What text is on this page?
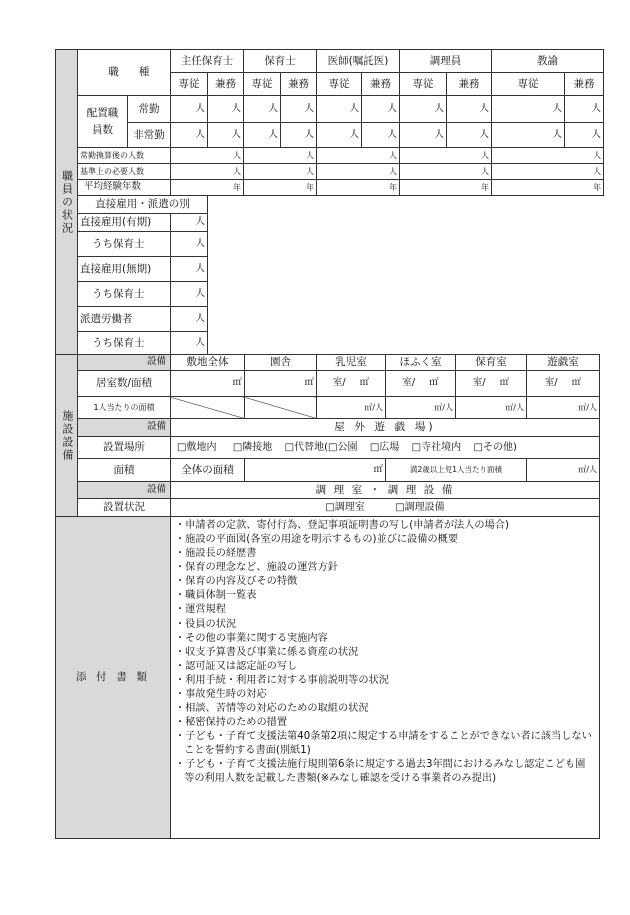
職員の状況	職 種		主任保育士		保育士		医師(嘱託医)		調理員		教諭	
			専従	兼務	専従	兼務	専従	兼務	専従	兼務	専従	兼務
	配置職員数	常勤	人	人	人	人	人	人	人	人	人	人
		非常勤	人	人	人	人	人	人	人	人	人	人
	常勤換算後の人数		人		人		人		人		人	
	基準上の必要人数		人		人		人		人		人	
	平均経験年数		年		年		年		年		年	
	直接雇用・派遣の別											
	直接雇用(有期)		人									
	うち保育士		人									
	直接雇用(無期)		人									
	うち保育士		人									
	派遣労働者		人									
	うち保育士		人									
施設設備	設備	敷地全体	園舎	乳児室	ほふく室	保育室	遊戯室
	居室数/面積	㎡	㎡	室/ ㎡	室/ ㎡	室/ ㎡	室/ ㎡
	1人当たりの面積			㎡/人	㎡/人	㎡/人	㎡/人
	設備	屋 外 遊 戯 場)					
	設置場所	□敷地内 □隣接地 □代替地(□公園 □広場 □寺社境内 □その他)					
	面積	全体の面積	㎡		満2歳以上児1人当たり面積		㎡/人
	設備	調 理 室 ・ 調 理 設 備					
	設置状況	□調理室 □調理設備					
添 付 書 類	
・申請者の定款、寄付行為、登記事項証明書の写し(申請者が法人の場合)
・施設の平面図(各室の用途を明示するもの)並びに設備の概要
・施設長の経歴書
・保育の理念など、施設の運営方針
・保育の内容及びその特徴
・職員体制一覧表
・運営規程
・役員の状況
・その他の事業に関する実施内容
・収支予算書及び事業に係る資産の状況
・認可証又は認定証の写し
・利用手続・利用者に対する事前説明等の状況
・事故発生時の対応
・相談、苦情等の対応のための取組の状況
・秘密保持のための措置
・子ども・子育て支援法第40条第2項に規定する申請をすることができない者に該当しないことを誓約する書面(別紙1)
・子ども・子育て支援法施行規則第6条に規定する過去3年間におけるみなし認定こども園等の利用人数を記載した書類(※みなし確認を受ける事業者のみ提出)
